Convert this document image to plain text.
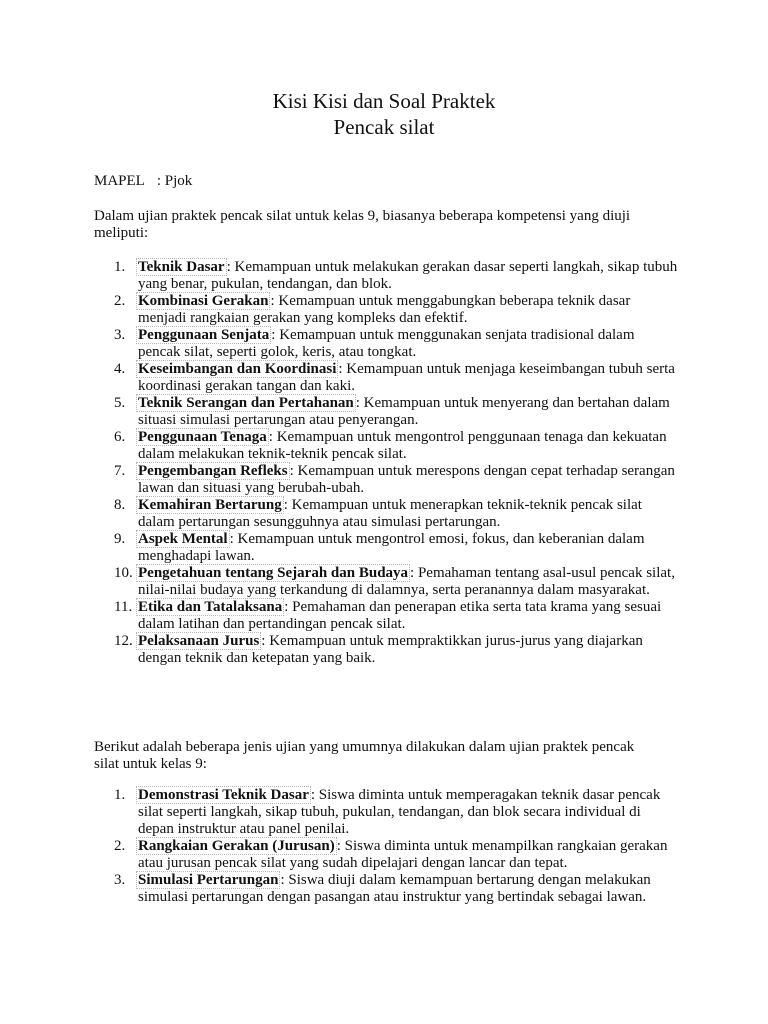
Kisi Kisi dan Soal Praktek
Pencak silat
MAPEL : Pjok
Dalam ujian praktek pencak silat untuk kelas 9, biasanya beberapa kompetensi yang diuji meliputi:
1. Teknik Dasar : Kemampuan untuk melakukan gerakan dasar seperti langkah, sikap tubuh yang benar, pukulan, tendangan, dan blok.
2. Kombinasi Gerakan : Kemampuan untuk menggabungkan beberapa teknik dasar menjadi rangkaian gerakan yang kompleks dan efektif.
3. Penggunaan Senjata : Kemampuan untuk menggunakan senjata tradisional dalam pencak silat, seperti golok, keris, atau tongkat.
4. Keseimbangan dan Koordinasi : Kemampuan untuk menjaga keseimbangan tubuh serta koordinasi gerakan tangan dan kaki.
5. Teknik Serangan dan Pertahanan : Kemampuan untuk menyerang dan bertahan dalam situasi simulasi pertarungan atau penyerangan.
6. Penggunaan Tenaga : Kemampuan untuk mengontrol penggunaan tenaga dan kekuatan dalam melakukan teknik-teknik pencak silat.
7. Pengembangan Refleks : Kemampuan untuk merespons dengan cepat terhadap serangan lawan dan situasi yang berubah-ubah.
8. Kemahiran Bertarung : Kemampuan untuk menerapkan teknik-teknik pencak silat dalam pertarungan sesungguhnya atau simulasi pertarungan.
9. Aspek Mental : Kemampuan untuk mengontrol emosi, fokus, dan keberanian dalam menghadapi lawan.
10. Pengetahuan tentang Sejarah dan Budaya : Pemahaman tentang asal-usul pencak silat, nilai-nilai budaya yang terkandung di dalamnya, serta peranannya dalam masyarakat.
11. Etika dan Tatalaksana : Pemahaman dan penerapan etika serta tata krama yang sesuai dalam latihan dan pertandingan pencak silat.
12. Pelaksanaan Jurus : Kemampuan untuk mempraktikkan jurus-jurus yang diajarkan dengan teknik dan ketepatan yang baik.
Berikut adalah beberapa jenis ujian yang umumnya dilakukan dalam ujian praktek pencak silat untuk kelas 9:
1. Demonstrasi Teknik Dasar : Siswa diminta untuk memperagakan teknik dasar pencak silat seperti langkah, sikap tubuh, pukulan, tendangan, dan blok secara individual di depan instruktur atau panel penilai.
2. Rangkaian Gerakan (Jurusan) : Siswa diminta untuk menampilkan rangkaian gerakan atau jurusan pencak silat yang sudah dipelajari dengan lancar dan tepat.
3. Simulasi Pertarungan : Siswa diuji dalam kemampuan bertarung dengan melakukan simulasi pertarungan dengan pasangan atau instruktur yang bertindak sebagai lawan.
